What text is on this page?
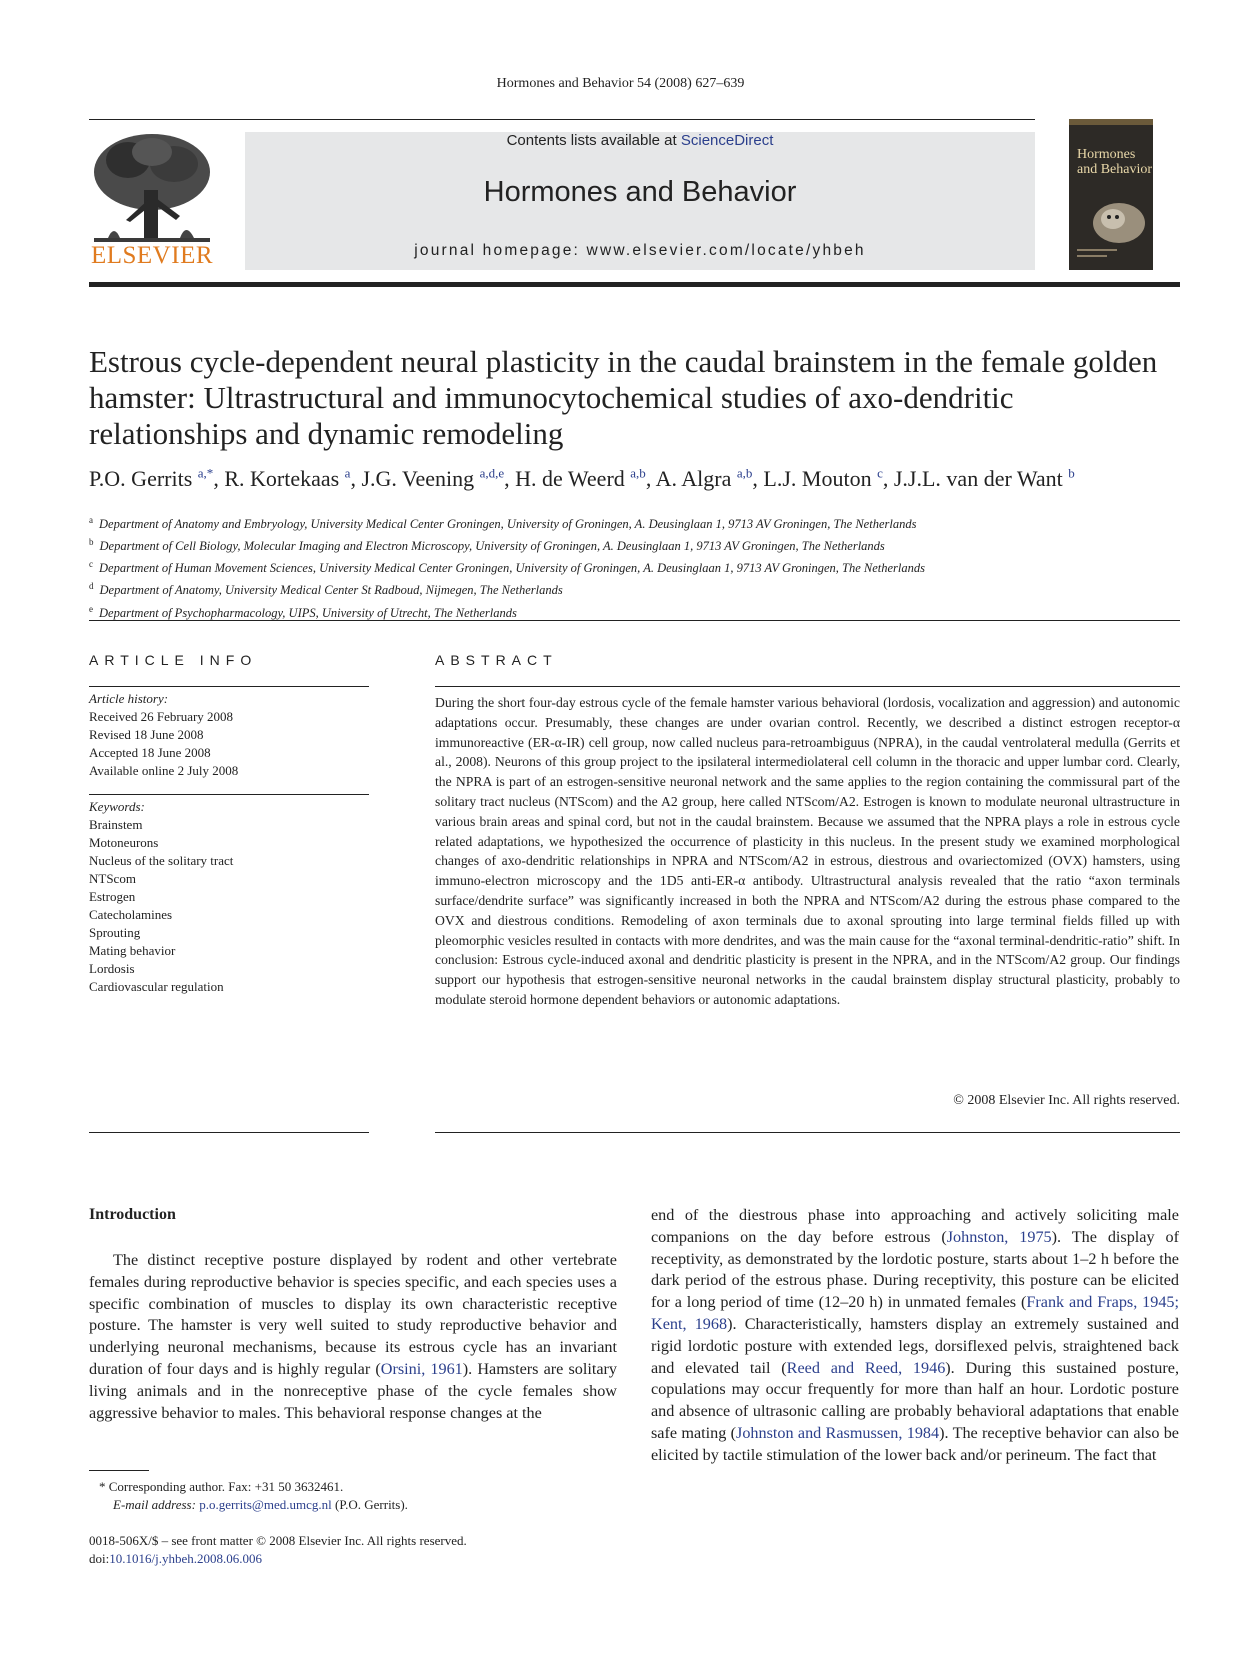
Hormones and Behavior 54 (2008) 627–639
ELSEVIER
Contents lists available at ScienceDirect
Hormones and Behavior
journal homepage: www.elsevier.com/locate/yhbeh
Hormones and Behavior
Estrous cycle-dependent neural plasticity in the caudal brainstem in the female golden hamster: Ultrastructural and immunocytochemical studies of axo-dendritic relationships and dynamic remodeling
P.O. Gerrits $^{a,*}$, R. Kortekaas $^a$, J.G. Veening $^{a,d,e}$, H. de Weerd $^{a,b}$, A. Algra $^{a,b}$, L.J. Mouton $^c$, J.J.L. van der Want $^b$
$^a$ Department of Anatomy and Embryology, University Medical Center Groningen, University of Groningen, A. Deusinglaan 1, 9713 AV Groningen, The Netherlands
$^b$ Department of Cell Biology, Molecular Imaging and Electron Microscopy, University of Groningen, A. Deusinglaan 1, 9713 AV Groningen, The Netherlands
$^c$ Department of Human Movement Sciences, University Medical Center Groningen, University of Groningen, A. Deusinglaan 1, 9713 AV Groningen, The Netherlands
$^d$ Department of Anatomy, University Medical Center St Radboud, Nijmegen, The Netherlands
$^e$ Department of Psychopharmacology, UIPS, University of Utrecht, The Netherlands
ARTICLE INFO
Article history:
Received 26 February 2008
Revised 18 June 2008
Accepted 18 June 2008
Available online 2 July 2008
Keywords:
Brainstem
Motoneurons
Nucleus of the solitary tract
NTScom
Estrogen
Catecholamines
Sprouting
Mating behavior
Lordosis
Cardiovascular regulation
ABSTRACT
During the short four-day estrous cycle of the female hamster various behavioral (lordosis, vocalization and aggression) and autonomic adaptations occur. Presumably, these changes are under ovarian control. Recently, we described a distinct estrogen receptor-α immunoreactive (ER-α-IR) cell group, now called nucleus para-retroambiguus (NPRA), in the caudal ventrolateral medulla (Gerrits et al., 2008). Neurons of this group project to the ipsilateral intermediolateral cell column in the thoracic and upper lumbar cord. Clearly, the NPRA is part of an estrogen-sensitive neuronal network and the same applies to the region containing the commissural part of the solitary tract nucleus (NTScom) and the A2 group, here called NTScom/A2. Estrogen is known to modulate neuronal ultrastructure in various brain areas and spinal cord, but not in the caudal brainstem. Because we assumed that the NPRA plays a role in estrous cycle related adaptations, we hypothesized the occurrence of plasticity in this nucleus. In the present study we examined morphological changes of axo-dendritic relationships in NPRA and NTScom/A2 in estrous, diestrous and ovariectomized (OVX) hamsters, using immuno-electron microscopy and the 1D5 anti-ER-α antibody. Ultrastructural analysis revealed that the ratio “axon terminals surface/dendrite surface” was significantly increased in both the NPRA and NTScom/A2 during the estrous phase compared to the OVX and diestrous conditions. Remodeling of axon terminals due to axonal sprouting into large terminal fields filled up with pleomorphic vesicles resulted in contacts with more dendrites, and was the main cause for the “axonal terminal-dendritic-ratio” shift. In conclusion: Estrous cycle-induced axonal and dendritic plasticity is present in the NPRA, and in the NTScom/A2 group. Our findings support our hypothesis that estrogen-sensitive neuronal networks in the caudal brainstem display structural plasticity, probably to modulate steroid hormone dependent behaviors or autonomic adaptations.
© 2008 Elsevier Inc. All rights reserved.
Introduction
The distinct receptive posture displayed by rodent and other vertebrate females during reproductive behavior is species specific, and each species uses a specific combination of muscles to display its own characteristic receptive posture. The hamster is very well suited to study reproductive behavior and underlying neuronal mechanisms, because its estrous cycle has an invariant duration of four days and is highly regular (Orsini, 1961). Hamsters are solitary living animals and in the nonreceptive phase of the cycle females show aggressive behavior to males. This behavioral response changes at the
end of the diestrous phase into approaching and actively soliciting male companions on the day before estrous (Johnston, 1975). The display of receptivity, as demonstrated by the lordotic posture, starts about 1–2 h before the dark period of the estrous phase. During receptivity, this posture can be elicited for a long period of time (12–20 h) in unmated females (Frank and Fraps, 1945; Kent, 1968). Characteristically, hamsters display an extremely sustained and rigid lordotic posture with extended legs, dorsiflexed pelvis, straightened back and elevated tail (Reed and Reed, 1946). During this sustained posture, copulations may occur frequently for more than half an hour. Lordotic posture and absence of ultrasonic calling are probably behavioral adaptations that enable safe mating (Johnston and Rasmussen, 1984). The receptive behavior can also be elicited by tactile stimulation of the lower back and/or perineum. The fact that
* Corresponding author. Fax: +31 50 3632461.
E-mail address: p.o.gerrits@med.umcg.nl (P.O. Gerrits).
0018-506X/$ – see front matter © 2008 Elsevier Inc. All rights reserved.
doi:10.1016/j.yhbeh.2008.06.006
